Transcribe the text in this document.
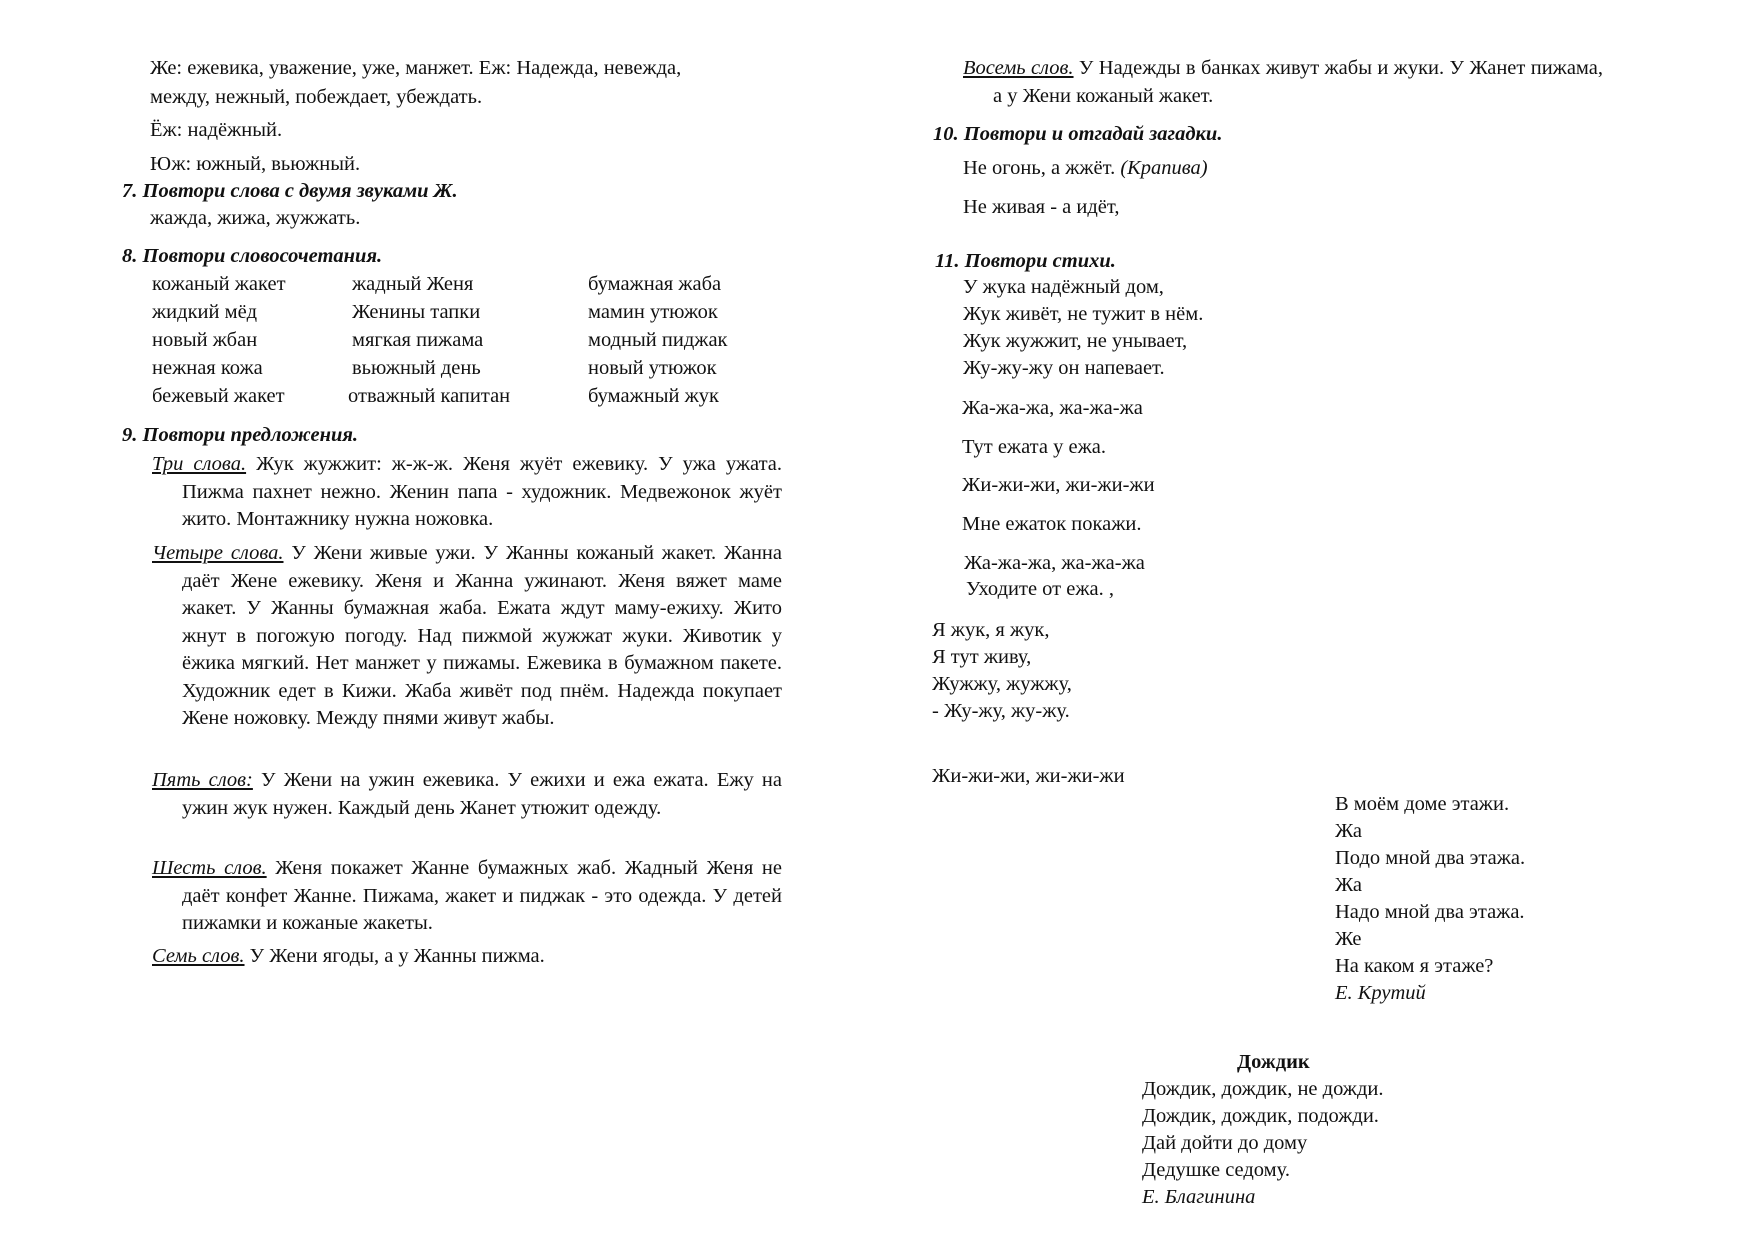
Же: ежевика, уважение, уже, манжет. Еж: Надежда, невежда,
между, нежный, побеждает, убеждать.
Ёж: надёжный.
Юж: южный, вьюжный.
7. Повтори слова с двумя звуками Ж.
жажда, жижа, жужжать.
8. Повтори словосочетания.
кожаный жакет
жидкий мёд
новый жбан
нежная кожа
бежевый жакет
жадный Женя
Женины тапки
мягкая пижама
вьюжный день
отважный капитан
бумажная жаба
мамин утюжок
модный пиджак
новый утюжок
бумажный жук
9. Повтори предложения.
Три слова. Жук жужжит: ж-ж-ж. Женя жуёт ежевику. У ужа ужата. Пижма пахнет нежно. Женин папа - художник. Медвежонок жуёт жито. Монтажнику нужна ножовка.
Четыре слова. У Жени живые ужи. У Жанны кожаный жакет. Жанна даёт Жене ежевику. Женя и Жанна ужинают. Женя вяжет маме жакет. У Жанны бумажная жаба. Ежата ждут маму-ежиху. Жито жнут в погожую погоду. Над пижмой жужжат жуки. Животик у ёжика мягкий. Нет манжет у пижамы. Ежевика в бумажном пакете. Художник едет в Кижи. Жаба живёт под пнём. Надежда покупает Жене ножовку. Между пнями живут жабы.
Пять слов: У Жени на ужин ежевика. У ежихи и ежа ежата. Ежу на ужин жук нужен. Каждый день Жанет утюжит одежду.
Шесть слов. Женя покажет Жанне бумажных жаб. Жадный Женя не даёт конфет Жанне. Пижама, жакет и пиджак - это одежда. У детей пижамки и кожаные жакеты.
Семь слов. У Жени ягоды, а у Жанны пижма.
Восемь слов. У Надежды в банках живут жабы и жуки. У Жанет пижама, а у Жени кожаный жакет.
10. Повтори и отгадай загадки.
Не огонь, а жжёт. (Крапива)
Не живая - а идёт,
11. Повтори стихи.
У жука надёжный дом,
Жук живёт, не тужит в нём.
Жук жужжит, не унывает,
Жу-жу-жу он напевает.
Жа-жа-жа, жа-жа-жа
Тут ежата у ежа.
Жи-жи-жи, жи-жи-жи
Мне ежаток покажи.
Жа-жа-жа, жа-жа-жа
Уходите от ежа. ,
Я жук, я жук,
Я тут живу,
Жужжу, жужжу,
- Жу-жу, жу-жу.
Жи-жи-жи, жи-жи-жи
В моём доме этажи.
Жа
Подо мной два этажа.
Жа
Надо мной два этажа.
Же
На каком я этаже?
Е. Крутий
Дождик
Дождик, дождик, не дожди.
Дождик, дождик, подожди.
Дай дойти до дому
Дедушке седому.
Е. Благинина
